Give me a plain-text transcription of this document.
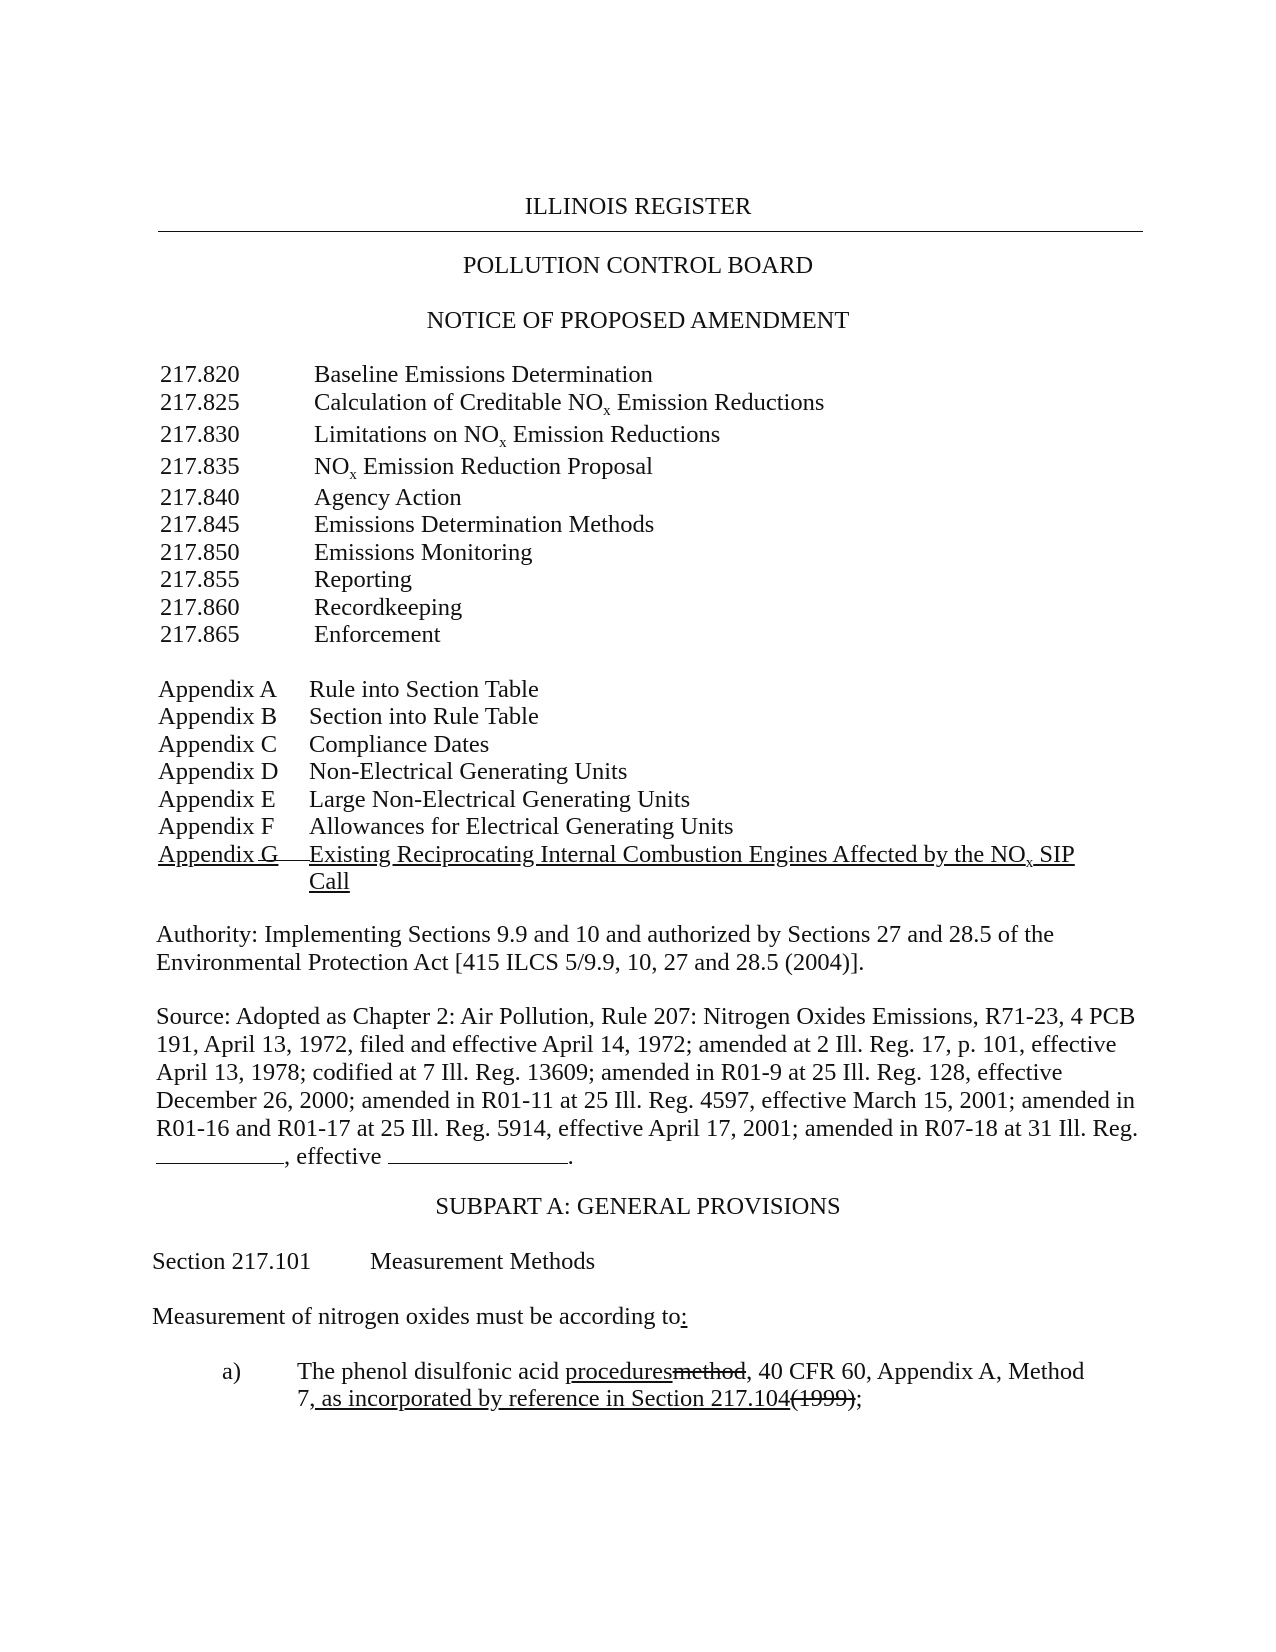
ILLINOIS REGISTER
POLLUTION CONTROL BOARD
NOTICE OF PROPOSED AMENDMENT
217.820	Baseline Emissions Determination
217.825	Calculation of Creditable $NO_x$ Emission Reductions
217.830	Limitations on $NO_x$ Emission Reductions
217.835	$NO_x$ Emission Reduction Proposal
217.840	Agency Action
217.845	Emissions Determination Methods
217.850	Emissions Monitoring
217.855	Reporting
217.860	Recordkeeping
217.865	Enforcement
Appendix A Rule into Section Table
Appendix B Section into Rule Table
Appendix C Compliance Dates
Appendix D Non-Electrical Generating Units
Appendix E Large Non-Electrical Generating Units
Appendix F Allowances for Electrical Generating Units
Appendix G Existing Reciprocating Internal Combustion Engines Affected by the $NO_x$ SIP
Call
Authority: Implementing Sections 9.9 and 10 and authorized by Sections 27 and 28.5 of the Environmental Protection Act [415 ILCS 5/9.9, 10, 27 and 28.5 (2004)].
Source: Adopted as Chapter 2: Air Pollution, Rule 207: Nitrogen Oxides Emissions, R71-23, 4 PCB 191, April 13, 1972, filed and effective April 14, 1972; amended at 2 Ill. Reg. 17, p. 101, effective April 13, 1978; codified at 7 Ill. Reg. 13609; amended in R01-9 at 25 Ill. Reg. 128, effective December 26, 2000; amended in R01-11 at 25 Ill. Reg. 4597, effective March 15, 2001; amended in R01-16 and R01-17 at 25 Ill. Reg. 5914, effective April 17, 2001; amended in R07-18 at 31 Ill. Reg. , effective	.
SUBPART A: GENERAL PROVISIONS
Section 217.101 Measurement Methods
Measurement of nitrogen oxides must be according to:
a) The phenol disulfonic acid proceduresmethod, 40 CFR 60, Appendix A, Method
7, as incorporated by reference in Section 217.104(1999);
